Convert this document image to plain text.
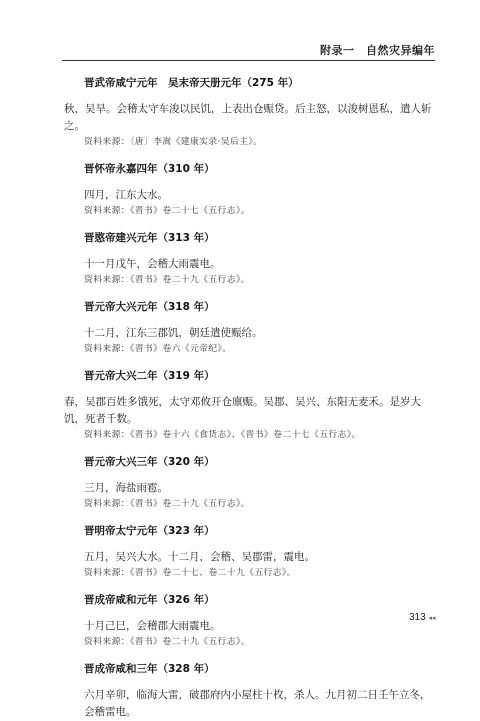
附录一　自然灾异编年
晋武帝咸宁元年　吴末帝天册元年（275 年）

秋，吴旱。会稽太守车浚以民饥，上表出仓赈贷。后主怒，以浚树恩私，遣人斩之。

资料来源：〔唐〕李嵩《建康实录·吴后主》。
晋怀帝永嘉四年（310 年）

四月，江东大水。

资料来源：《晋书》卷二十七《五行志》。
晋愍帝建兴元年（313 年）

十一月戊午，会稽大雨震电。

资料来源：《晋书》卷二十九《五行志》。
晋元帝大兴元年（318 年）

十二月，江东三郡饥，朝廷遣使赈给。

资料来源：《晋书》卷六《元帝纪》。
晋元帝大兴二年（319 年）

春，吴郡百姓多饿死，太守邓攸开仓廪赈。吴郡、吴兴、东阳无麦禾。是岁大饥，死者千数。

资料来源：《晋书》卷十六《食货志》、《晋书》卷二十七《五行志》。
晋元帝大兴三年（320 年）

三月，海盐雨雹。

资料来源：《晋书》卷二十九《五行志》。
晋明帝太宁元年（323 年）

五月，吴兴大水。十二月，会稽、吴郡雷，震电。

资料来源：《晋书》卷二十七、卷二十九《五行志》。
晋成帝咸和元年（326 年）

十月己巳，会稽郡大雨震电。

资料来源：《晋书》卷二十九《五行志》。
晋成帝咸和三年（328 年）

六月辛卯，临海大雷，破郡府内小屋柱十枚，杀人。九月初二日壬午立冬，会稽雷电。

313 ◂◂
